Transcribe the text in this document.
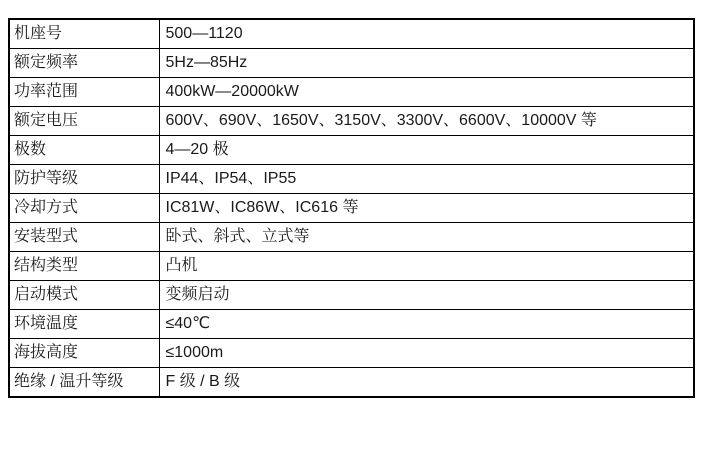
机座号	500—1120
额定频率	5Hz—85Hz
功率范围	400kW—20000kW
额定电压	600V、690V、1650V、3150V、3300V、6600V、10000V 等
极数	4—20 极
防护等级	IP44、IP54、IP55
冷却方式	IC81W、IC86W、IC616 等
安装型式	卧式、斜式、立式等
结构类型	凸机
启动模式	变频启动
环境温度	≤40℃
海拔高度	≤1000m
绝缘 / 温升等级	F 级 / B 级
